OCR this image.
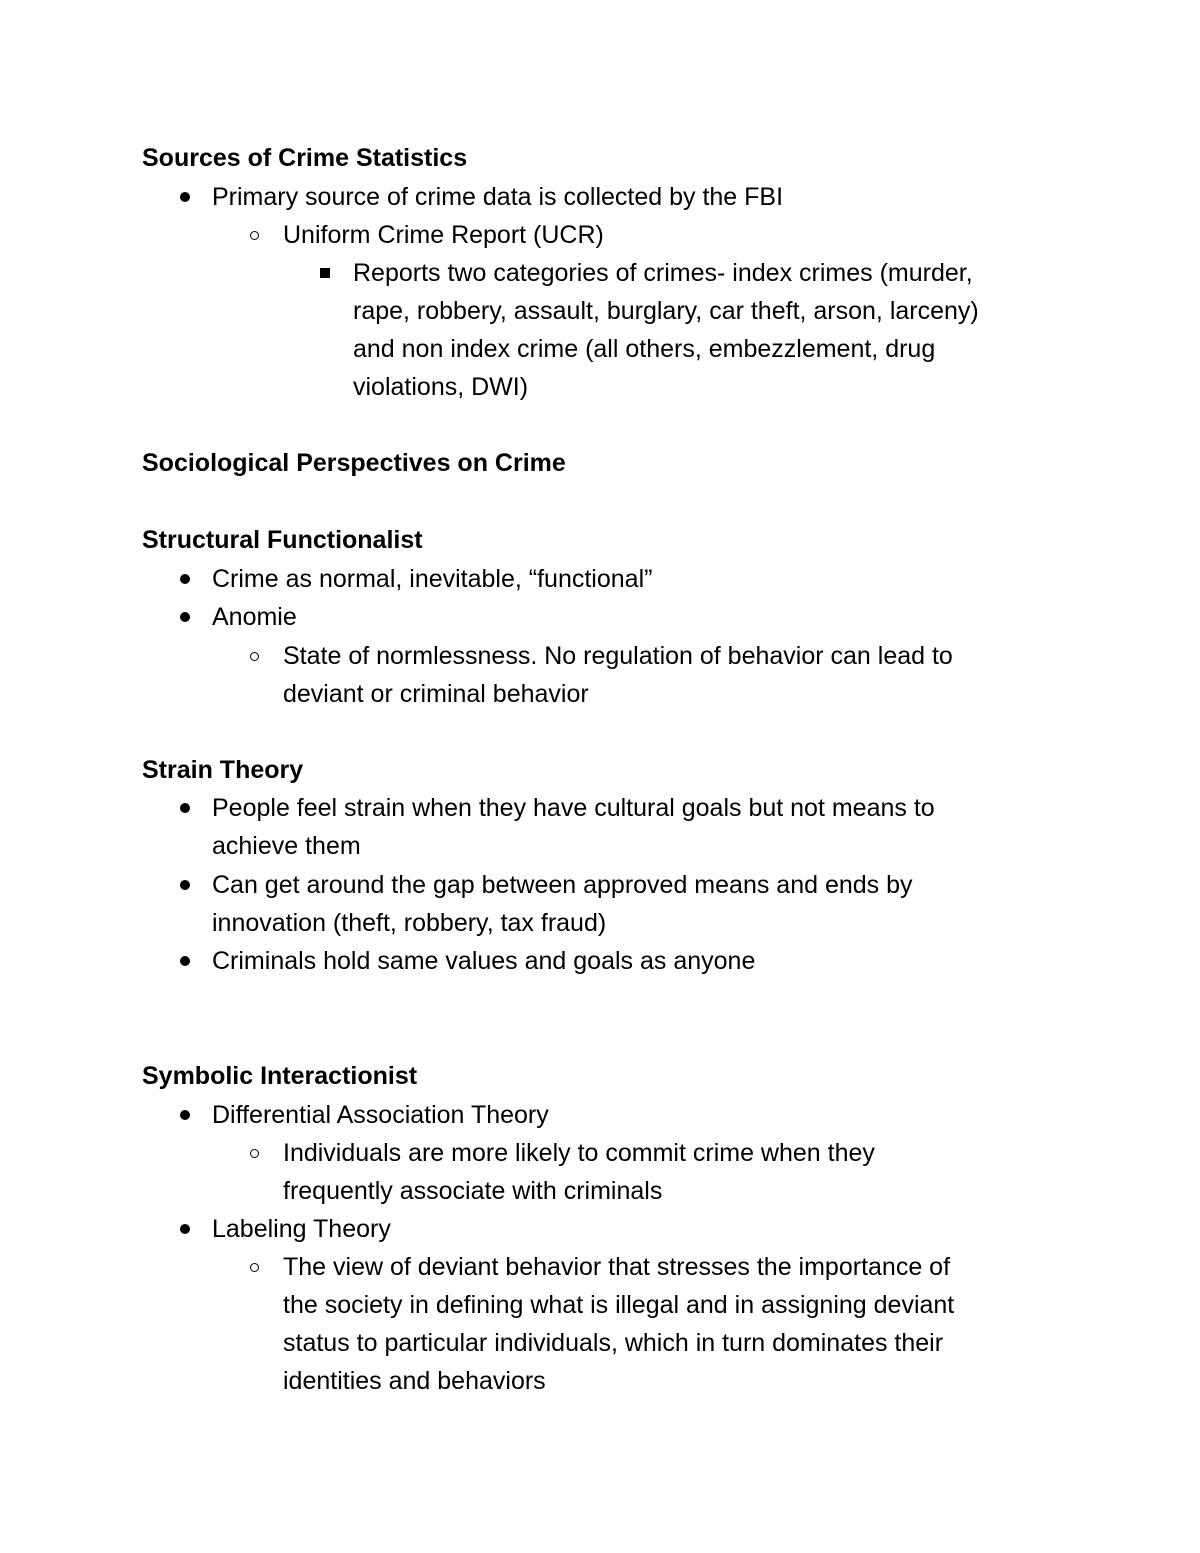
Sources of Crime Statistics
Primary source of crime data is collected by the FBI
Uniform Crime Report (UCR)
Reports two categories of crimes- index crimes (murder,
rape, robbery, assault, burglary, car theft, arson, larceny)
and non index crime (all others, embezzlement, drug
violations, DWI)
Sociological Perspectives on Crime
Structural Functionalist
Crime as normal, inevitable, “functional”
Anomie
State of normlessness. No regulation of behavior can lead to
deviant or criminal behavior
Strain Theory
People feel strain when they have cultural goals but not means to
achieve them
Can get around the gap between approved means and ends by
innovation (theft, robbery, tax fraud)
Criminals hold same values and goals as anyone
Symbolic Interactionist
Differential Association Theory
Individuals are more likely to commit crime when they
frequently associate with criminals
Labeling Theory
The view of deviant behavior that stresses the importance of
the society in defining what is illegal and in assigning deviant
status to particular individuals, which in turn dominates their
identities and behaviors
